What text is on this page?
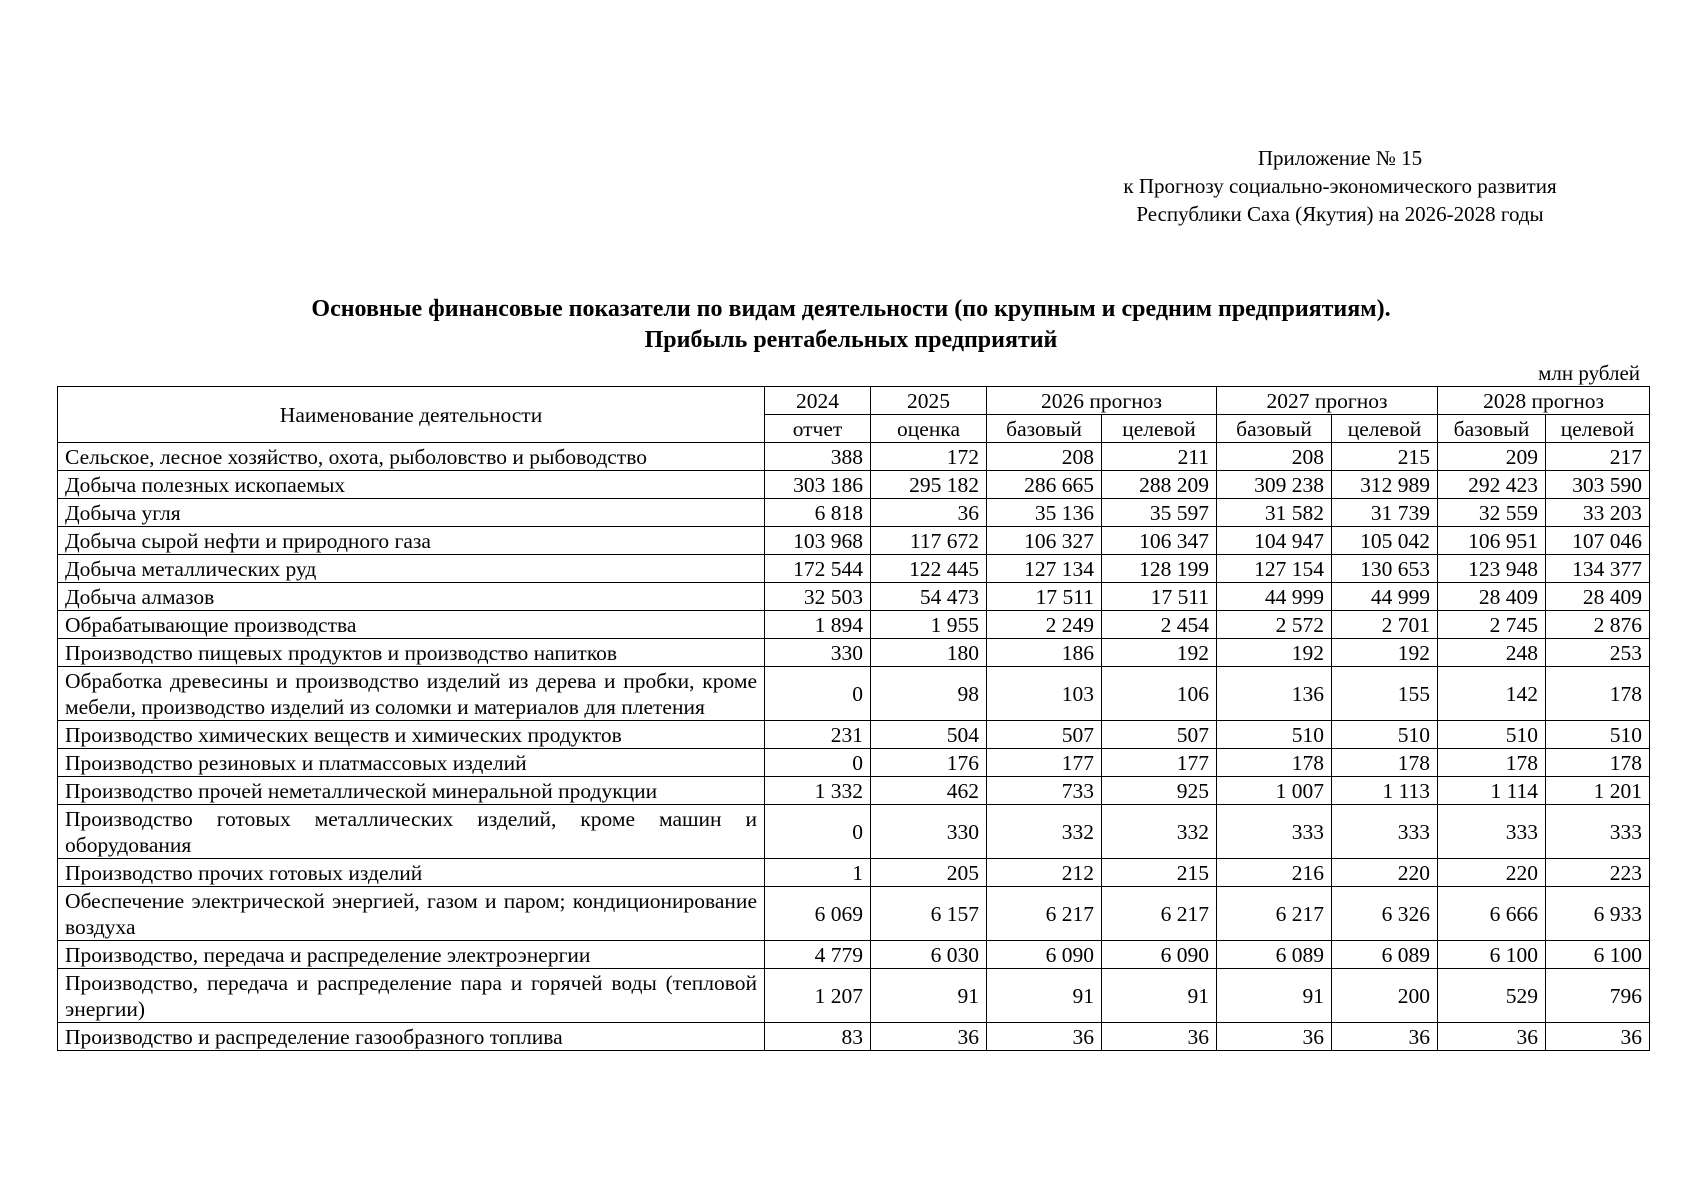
Приложение № 15
к Прогнозу социально-экономического развития
Республики Саха (Якутия) на 2026-2028 годы
Основные финансовые показатели по видам деятельности (по крупным и средним предприятиям).
Прибыль рентабельных предприятий
млн рублей
Наименование деятельности	2024	2025	2026 прогноз		2027 прогноз		2028 прогноз	
	отчет	оценка	базовый	целевой	базовый	целевой	базовый	целевой
Сельское, лесное хозяйство, охота, рыболовство и рыбоводство	388	172	208	211	208	215	209	217
Добыча полезных ископаемых	303 186	295 182	286 665	288 209	309 238	312 989	292 423	303 590
Добыча угля	6 818	36	35 136	35 597	31 582	31 739	32 559	33 203
Добыча сырой нефти и природного газа	103 968	117 672	106 327	106 347	104 947	105 042	106 951	107 046
Добыча металлических руд	172 544	122 445	127 134	128 199	127 154	130 653	123 948	134 377
Добыча алмазов	32 503	54 473	17 511	17 511	44 999	44 999	28 409	28 409
Обрабатывающие производства	1 894	1 955	2 249	2 454	2 572	2 701	2 745	2 876
Производство пищевых продуктов и производство напитков	330	180	186	192	192	192	248	253
Обработка древесины и производство изделий из дерева и пробки, кроме мебели, производство изделий из соломки и материалов для плетения	0	98	103	106	136	155	142	178
Производство химических веществ и химических продуктов	231	504	507	507	510	510	510	510
Производство резиновых и платмассовых изделий	0	176	177	177	178	178	178	178
Производство прочей неметаллической минеральной продукции	1 332	462	733	925	1 007	1 113	1 114	1 201
Производство готовых металлических изделий, кроме машин и оборудования	0	330	332	332	333	333	333	333
Производство прочих готовых изделий	1	205	212	215	216	220	220	223
Обеспечение электрической энергией, газом и паром; кондиционирование воздуха	6 069	6 157	6 217	6 217	6 217	6 326	6 666	6 933
Производство, передача и распределение электроэнергии	4 779	6 030	6 090	6 090	6 089	6 089	6 100	6 100
Производство, передача и распределение пара и горячей воды (тепловой энергии)	1 207	91	91	91	91	200	529	796
Производство и распределение газообразного топлива	83	36	36	36	36	36	36	36
